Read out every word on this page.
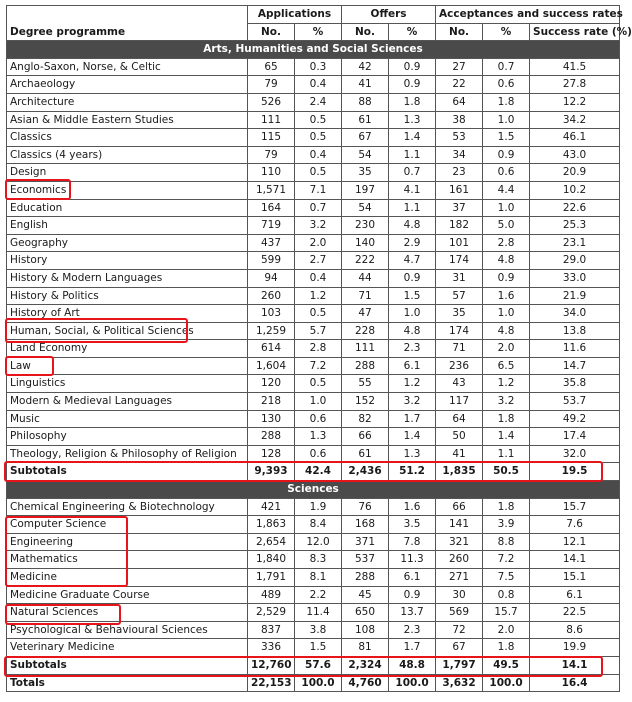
Degree programme	Applications		Offers		Acceptances and success rates		
	No.	%	No.	%	No.	%	Success rate (%)
Arts, Humanities and Social Sciences							
Anglo-Saxon, Norse, & Celtic	65	0.3	42	0.9	27	0.7	41.5
Archaeology	79	0.4	41	0.9	22	0.6	27.8
Architecture	526	2.4	88	1.8	64	1.8	12.2
Asian & Middle Eastern Studies	111	0.5	61	1.3	38	1.0	34.2
Classics	115	0.5	67	1.4	53	1.5	46.1
Classics (4 years)	79	0.4	54	1.1	34	0.9	43.0
Design	110	0.5	35	0.7	23	0.6	20.9
Economics	1,571	7.1	197	4.1	161	4.4	10.2
Education	164	0.7	54	1.1	37	1.0	22.6
English	719	3.2	230	4.8	182	5.0	25.3
Geography	437	2.0	140	2.9	101	2.8	23.1
History	599	2.7	222	4.7	174	4.8	29.0
History & Modern Languages	94	0.4	44	0.9	31	0.9	33.0
History & Politics	260	1.2	71	1.5	57	1.6	21.9
History of Art	103	0.5	47	1.0	35	1.0	34.0
Human, Social, & Political Sciences	1,259	5.7	228	4.8	174	4.8	13.8
Land Economy	614	2.8	111	2.3	71	2.0	11.6
Law	1,604	7.2	288	6.1	236	6.5	14.7
Linguistics	120	0.5	55	1.2	43	1.2	35.8
Modern & Medieval Languages	218	1.0	152	3.2	117	3.2	53.7
Music	130	0.6	82	1.7	64	1.8	49.2
Philosophy	288	1.3	66	1.4	50	1.4	17.4
Theology, Religion & Philosophy of Religion	128	0.6	61	1.3	41	1.1	32.0
Subtotals	9,393	42.4	2,436	51.2	1,835	50.5	19.5
Sciences							
Chemical Engineering & Biotechnology	421	1.9	76	1.6	66	1.8	15.7
Computer Science	1,863	8.4	168	3.5	141	3.9	7.6
Engineering	2,654	12.0	371	7.8	321	8.8	12.1
Mathematics	1,840	8.3	537	11.3	260	7.2	14.1
Medicine	1,791	8.1	288	6.1	271	7.5	15.1
Medicine Graduate Course	489	2.2	45	0.9	30	0.8	6.1
Natural Sciences	2,529	11.4	650	13.7	569	15.7	22.5
Psychological & Behavioural Sciences	837	3.8	108	2.3	72	2.0	8.6
Veterinary Medicine	336	1.5	81	1.7	67	1.8	19.9
Subtotals	12,760	57.6	2,324	48.8	1,797	49.5	14.1
Totals	22,153	100.0	4,760	100.0	3,632	100.0	16.4
